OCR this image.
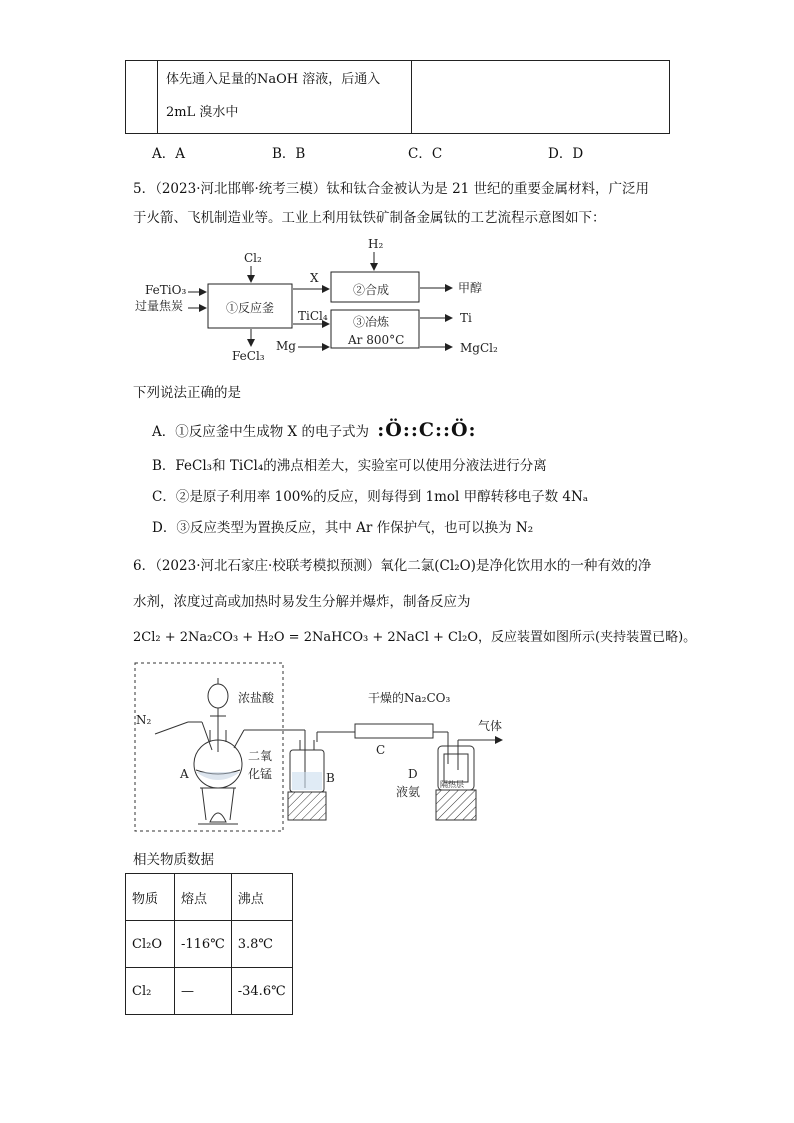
体先通入足量的NaOH 溶液，后通入
2mL 溴水中
A．A	B．B	C．C	D．D
5．（2023·河北邯郸·统考三模）钛和钛合金被认为是 21 世纪的重要金属材料，广泛用
于火箭、飞机制造业等。工业上利用钛铁矿制备金属钛的工艺流程示意图如下：
FeTiO₃
过量焦炭
Cl₂
①反应釜
FeCl₃
X
H₂
②合成	甲醇
TiCl₄ ③冶炼
Ar 800°C
Mg
Ti
MgCl₂
下列说法正确的是
A．①反应釜中生成物 X 的电子式为 :Ö::C::Ö:
B．FeCl₃和 TiCl₄的沸点相差大，实验室可以使用分液法进行分离
C．②是原子利用率 100%的反应，则每得到 1mol 甲醇转移电子数 4Nₐ
D．③反应类型为置换反应，其中 Ar 作保护气，也可以换为 N₂
6．（2023·河北石家庄·校联考模拟预测）氧化二氯(Cl₂O)是净化饮用水的一种有效的净
水剂，浓度过高或加热时易发生分解并爆炸，制备反应为
2Cl₂ + 2Na₂CO₃ + H₂O = 2NaHCO₃ + 2NaCl + Cl₂O，反应装置如图所示(夹持装置已略)。
N₂
浓盐酸	干燥的Na₂CO₃
气体
A
二氧
化锰	B
C
D
液氨
隔热层
相关物质数据
物质	熔点	沸点
Cl₂O	-116℃	3.8℃
Cl₂	—	-34.6℃
